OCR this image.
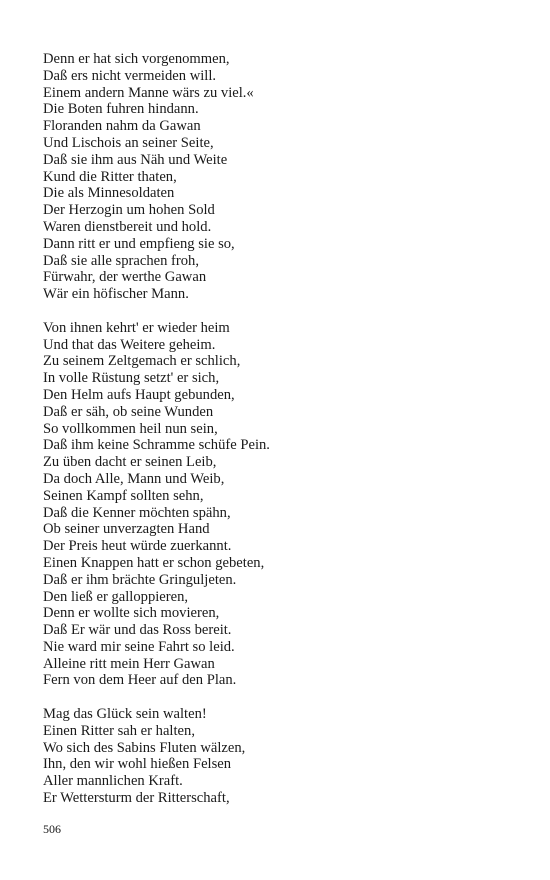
Denn er hat sich vorgenommen,
Daß ers nicht vermeiden will.
Einem andern Manne wärs zu viel.«
Die Boten fuhren hindann.
Floranden nahm da Gawan
Und Lischois an seiner Seite,
Daß sie ihm aus Näh und Weite
Kund die Ritter thaten,
Die als Minnesoldaten
Der Herzogin um hohen Sold
Waren dienstbereit und hold.
Dann ritt er und empfieng sie so,
Daß sie alle sprachen froh,
Fürwahr, der werthe Gawan
Wär ein höfischer Mann.
Von ihnen kehrt' er wieder heim
Und that das Weitere geheim.
Zu seinem Zeltgemach er schlich,
In volle Rüstung setzt' er sich,
Den Helm aufs Haupt gebunden,
Daß er säh, ob seine Wunden
So vollkommen heil nun sein,
Daß ihm keine Schramme schüfe Pein.
Zu üben dacht er seinen Leib,
Da doch Alle, Mann und Weib,
Seinen Kampf sollten sehn,
Daß die Kenner möchten spähn,
Ob seiner unverzagten Hand
Der Preis heut würde zuerkannt.
Einen Knappen hatt er schon gebeten,
Daß er ihm brächte Gringuljeten.
Den ließ er galloppieren,
Denn er wollte sich movieren,
Daß Er wär und das Ross bereit.
Nie ward mir seine Fahrt so leid.
Alleine ritt mein Herr Gawan
Fern von dem Heer auf den Plan.
Mag das Glück sein walten!
Einen Ritter sah er halten,
Wo sich des Sabins Fluten wälzen,
Ihn, den wir wohl hießen Felsen
Aller mannlichen Kraft.
Er Wettersturm der Ritterschaft,
506
